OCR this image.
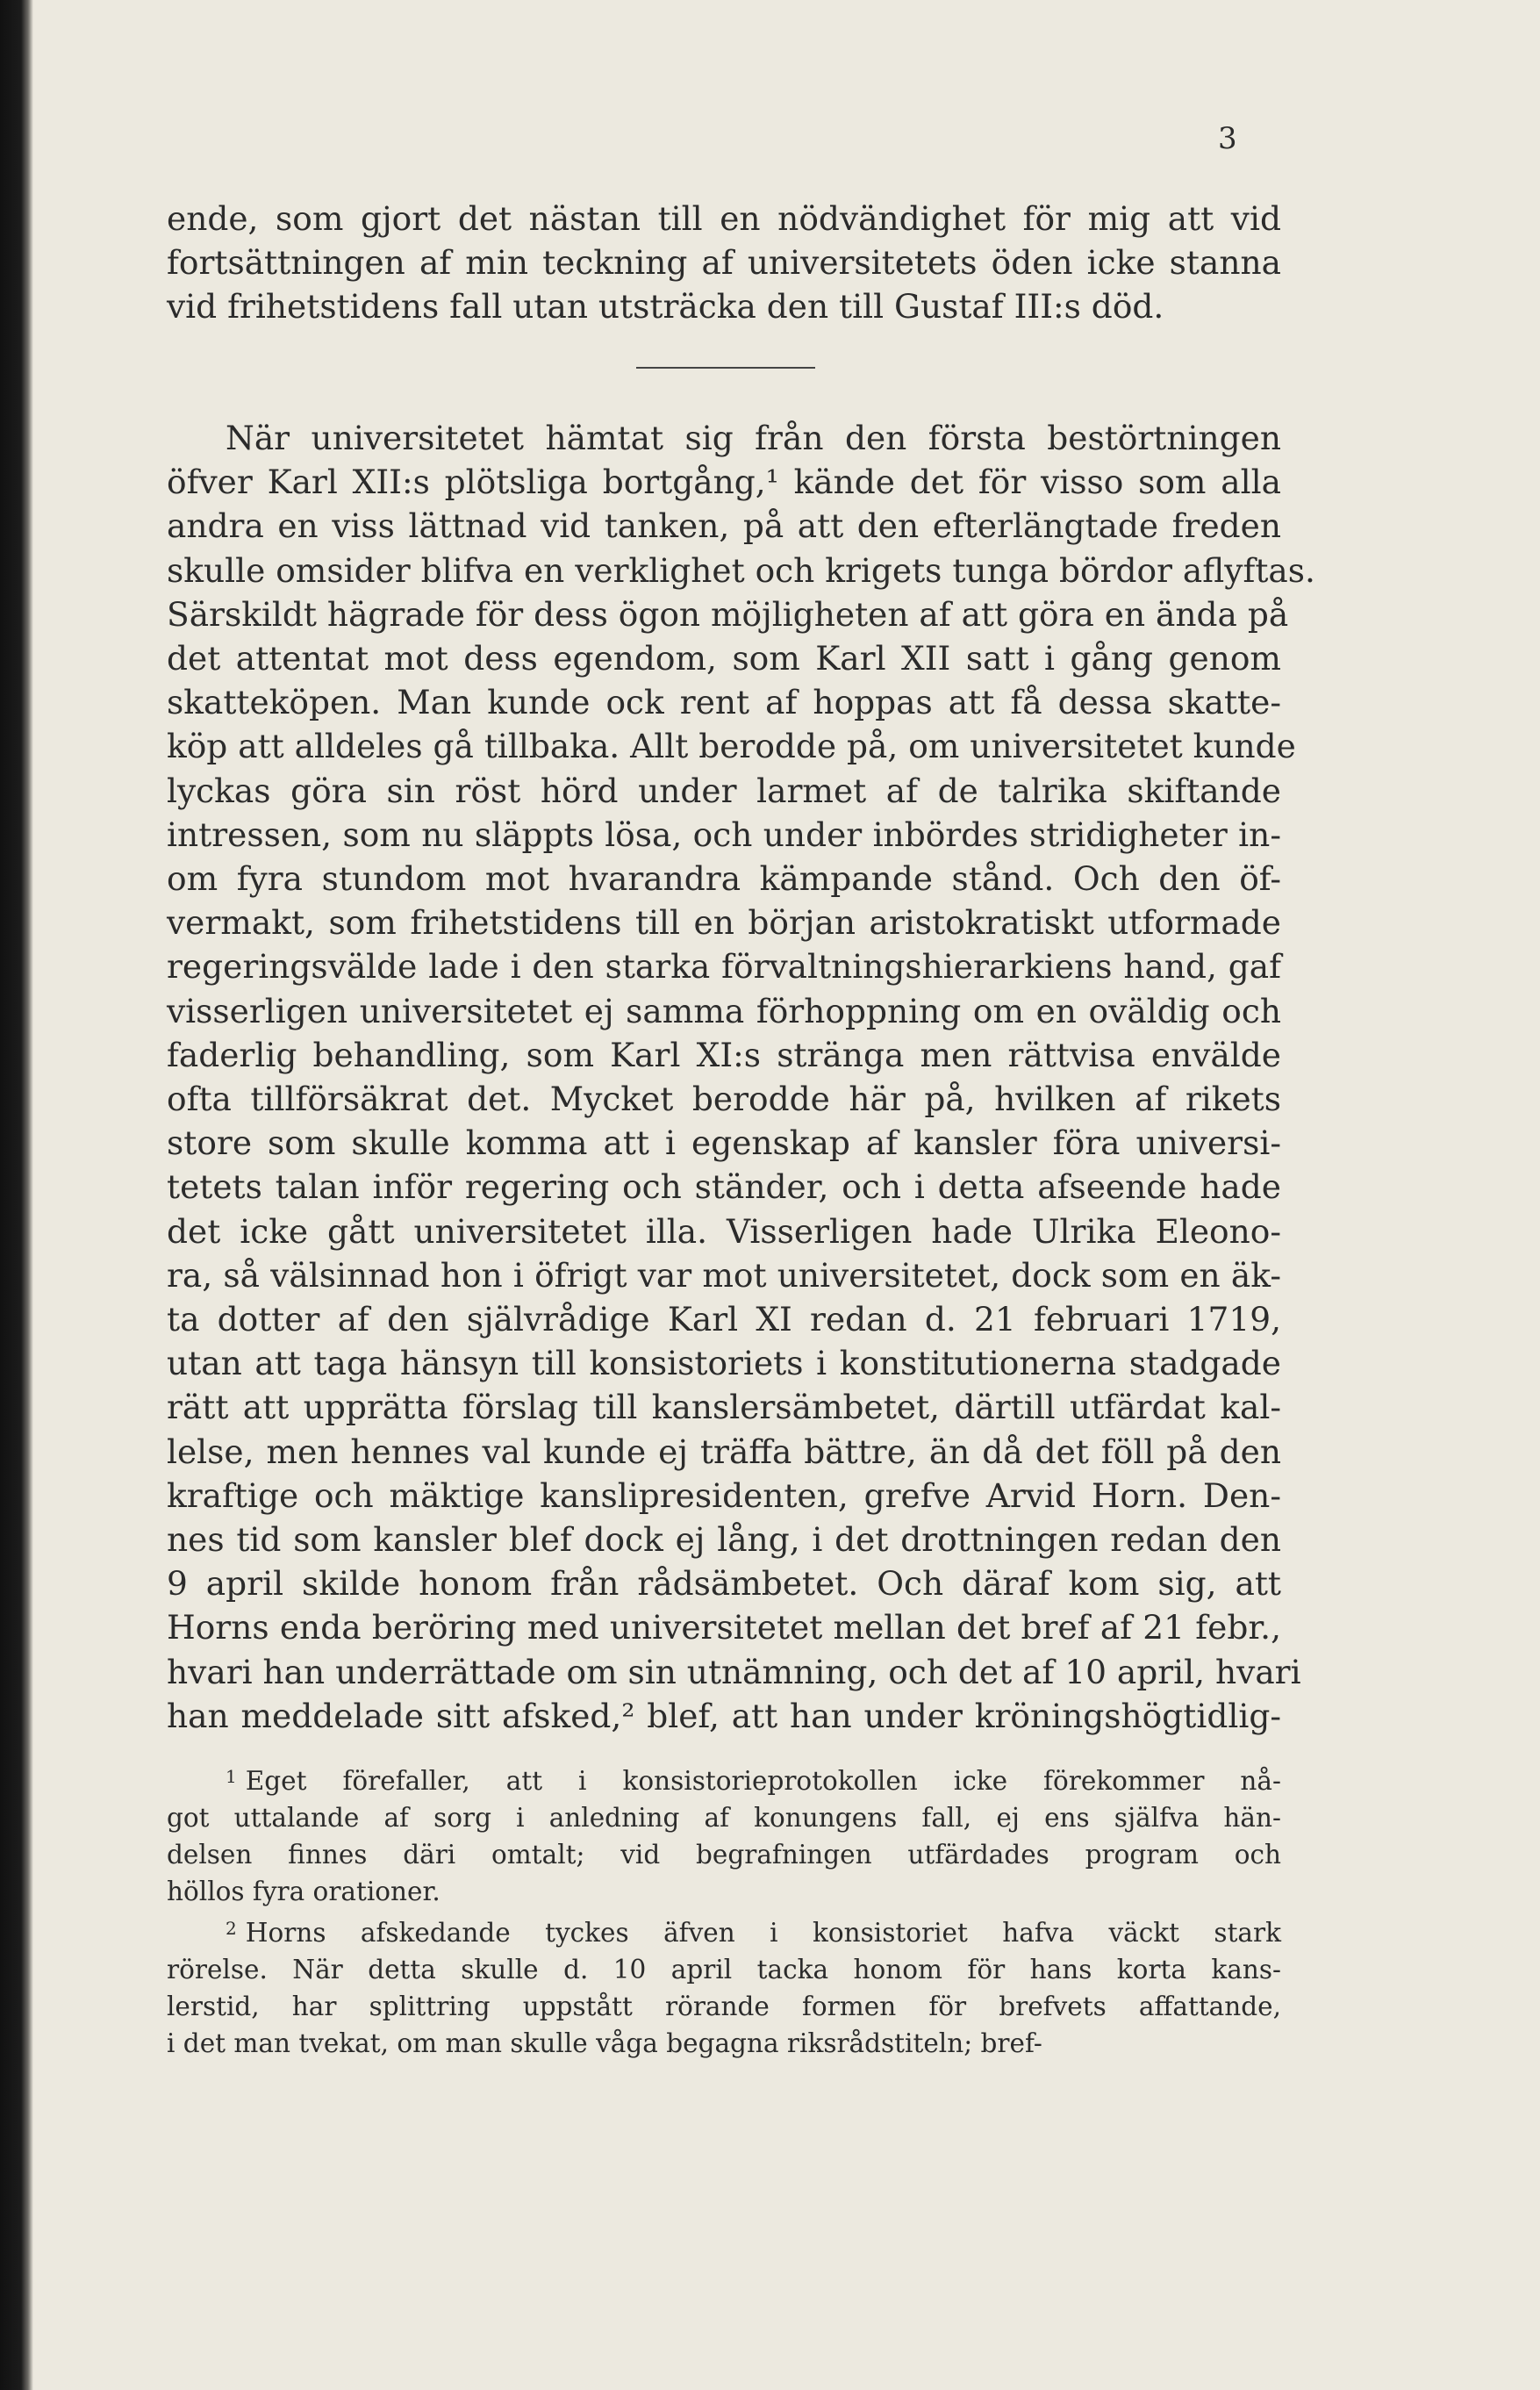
3
ende, som gjort det nästan till en nödvändighet för mig att vid
fortsättningen af min teckning af universitetets öden icke stanna
vid frihetstidens fall utan utsträcka den till Gustaf III:s död.
När universitetet hämtat sig från den första bestörtningen
öfver Karl XII:s plötsliga bortgång,¹ kände det för visso som alla
andra en viss lättnad vid tanken, på att den efterlängtade freden
skulle omsider blifva en verklighet och krigets tunga bördor aflyftas.
Särskildt hägrade för dess ögon möjligheten af att göra en ända på
det attentat mot dess egendom, som Karl XII satt i gång genom
skatteköpen. Man kunde ock rent af hoppas att få dessa skatte-
köp att alldeles gå tillbaka. Allt berodde på, om universitetet kunde
lyckas göra sin röst hörd under larmet af de talrika skiftande
intressen, som nu släppts lösa, och under inbördes stridigheter in-
om fyra stundom mot hvarandra kämpande stånd. Och den öf-
vermakt, som frihetstidens till en början aristokratiskt utformade
regeringsvälde lade i den starka förvaltningshierarkiens hand, gaf
visserligen universitetet ej samma förhoppning om en oväldig och
faderlig behandling, som Karl XI:s stränga men rättvisa envälde
ofta tillförsäkrat det. Mycket berodde här på, hvilken af rikets
store som skulle komma att i egenskap af kansler föra universi-
tetets talan inför regering och ständer, och i detta afseende hade
det icke gått universitetet illa. Visserligen hade Ulrika Eleono-
ra, så välsinnad hon i öfrigt var mot universitetet, dock som en äk-
ta dotter af den självrådige Karl XI redan d. 21 februari 1719,
utan att taga hänsyn till konsistoriets i konstitutionerna stadgade
rätt att upprätta förslag till kanslersämbetet, därtill utfärdat kal-
lelse, men hennes val kunde ej träffa bättre, än då det föll på den
kraftige och mäktige kanslipresidenten, grefve Arvid Horn. Den-
nes tid som kansler blef dock ej lång, i det drottningen redan den
9 april skilde honom från rådsämbetet. Och däraf kom sig, att
Horns enda beröring med universitetet mellan det bref af 21 febr.,
hvari han underrättade om sin utnämning, och det af 10 april, hvari
han meddelade sitt afsked,² blef, att han under kröningshögtidlig-
$^1$ Eget förefaller, att i konsistorieprotokollen icke förekommer nå-
got uttalande af sorg i anledning af konungens fall, ej ens själfva hän-
delsen finnes däri omtalt; vid begrafningen utfärdades program och
höllos fyra orationer.
$^2$ Horns afskedande tyckes äfven i konsistoriet hafva väckt stark
rörelse. När detta skulle d. 10 april tacka honom för hans korta kans-
lerstid, har splittring uppstått rörande formen för brefvets affattande,
i det man tvekat, om man skulle våga begagna riksrådstiteln; bref-
